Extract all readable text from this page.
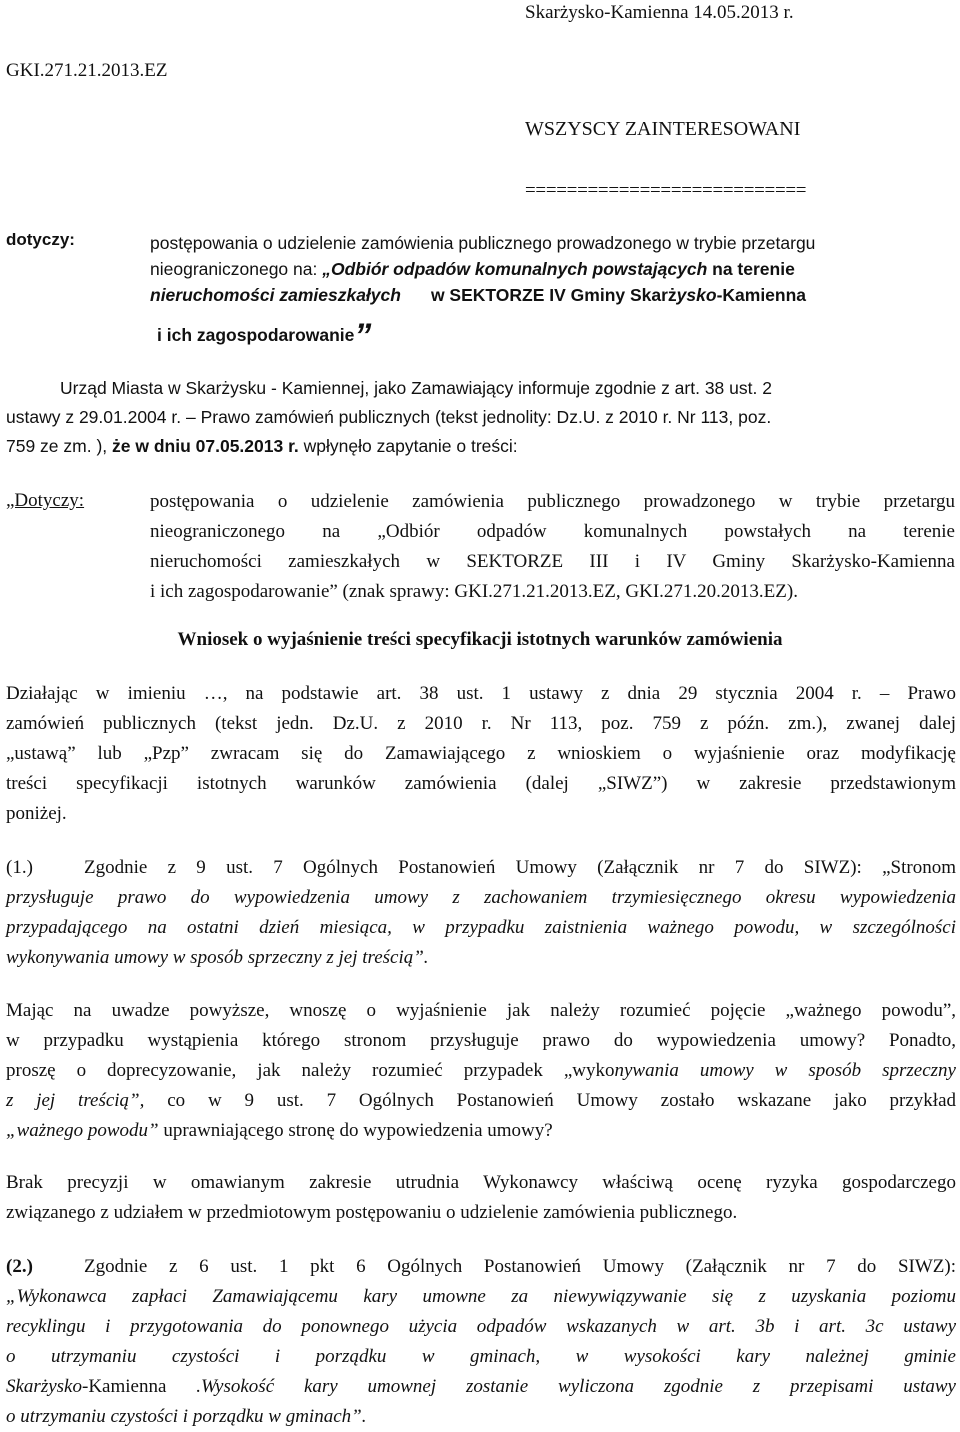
Skarżysko-Kamienna 14.05.2013 r.
GKI.271.21.2013.EZ
WSZYSCY ZAINTERESOWANI
===========================
dotyczy:	postępowania o udzielenie zamówienia publicznego prowadzonego w trybie przetargu
nieograniczonego na: „Odbiór odpadów komunalnych powstających na terenie
nieruchomości zamieszkałych w SEKTORZE IV Gminy Skarżysko-Kamienna
i ich zagospodarowanie”
Urząd Miasta w Skarżysku - Kamiennej, jako Zamawiający informuje zgodnie z art. 38 ust. 2
ustawy z 29.01.2004 r. – Prawo zamówień publicznych (tekst jednolity: Dz.U. z 2010 r. Nr 113, poz.
759 ze zm. ), że w dniu 07.05.2013 r. wpłynęło zapytanie o treści:
„Dotyczy:	postępowania o udzielenie zamówienia publicznego prowadzonego w trybie przetargu
nieograniczonego na „Odbiór odpadów komunalnych powstałych na terenie
nieruchomości zamieszkałych w SEKTORZE III i IV Gminy Skarżysko-Kamienna
i ich zagospodarowanie” (znak sprawy: GKI.271.21.2013.EZ, GKI.271.20.2013.EZ).
Wniosek o wyjaśnienie treści specyfikacji istotnych warunków zamówienia
Działając w imieniu …, na podstawie art. 38 ust. 1 ustawy z dnia 29 stycznia 2004 r. – Prawo
zamówień publicznych (tekst jedn. Dz.U. z 2010 r. Nr 113, poz. 759 z późn. zm.), zwanej dalej
„ustawą” lub „Pzp” zwracam się do Zamawiającego z wnioskiem o wyjaśnienie oraz modyfikację
treści specyfikacji istotnych warunków zamówienia (dalej „SIWZ”) w zakresie przedstawionym
poniżej.
(1.)	Zgodnie z 9 ust. 7 Ogólnych Postanowień Umowy (Załącznik nr 7 do SIWZ): „Stronom
przysługuje prawo do wypowiedzenia umowy z zachowaniem trzymiesięcznego okresu wypowiedzenia
przypadającego na ostatni dzień miesiąca, w przypadku zaistnienia ważnego powodu, w szczególności
wykonywania umowy w sposób sprzeczny z jej treścią”.
Mając na uwadze powyższe, wnoszę o wyjaśnienie jak należy rozumieć pojęcie „ważnego powodu”,
w przypadku wystąpienia którego stronom przysługuje prawo do wypowiedzenia umowy? Ponadto,
proszę o doprecyzowanie, jak należy rozumieć przypadek „wykonywania umowy w sposób sprzeczny
z jej treścią”, co w 9 ust. 7 Ogólnych Postanowień Umowy zostało wskazane jako przykład
„ważnego powodu” uprawniającego stronę do wypowiedzenia umowy?
Brak precyzji w omawianym zakresie utrudnia Wykonawcy właściwą ocenę ryzyka gospodarczego
związanego z udziałem w przedmiotowym postępowaniu o udzielenie zamówienia publicznego.
(2.)	Zgodnie z 6 ust. 1 pkt 6 Ogólnych Postanowień Umowy (Załącznik nr 7 do SIWZ):
„Wykonawca zapłaci Zamawiającemu kary umowne za niewywiązywanie się z uzyskania poziomu
recyklingu i przygotowania do ponownego użycia odpadów wskazanych w art. 3b i art. 3c ustawy
o utrzymaniu czystości i porządku w gminach, w wysokości kary należnej gminie
Skarżysko-Kamienna .Wysokość kary umownej zostanie wyliczona zgodnie z przepisami ustawy
o utrzymaniu czystości i porządku w gminach”.
